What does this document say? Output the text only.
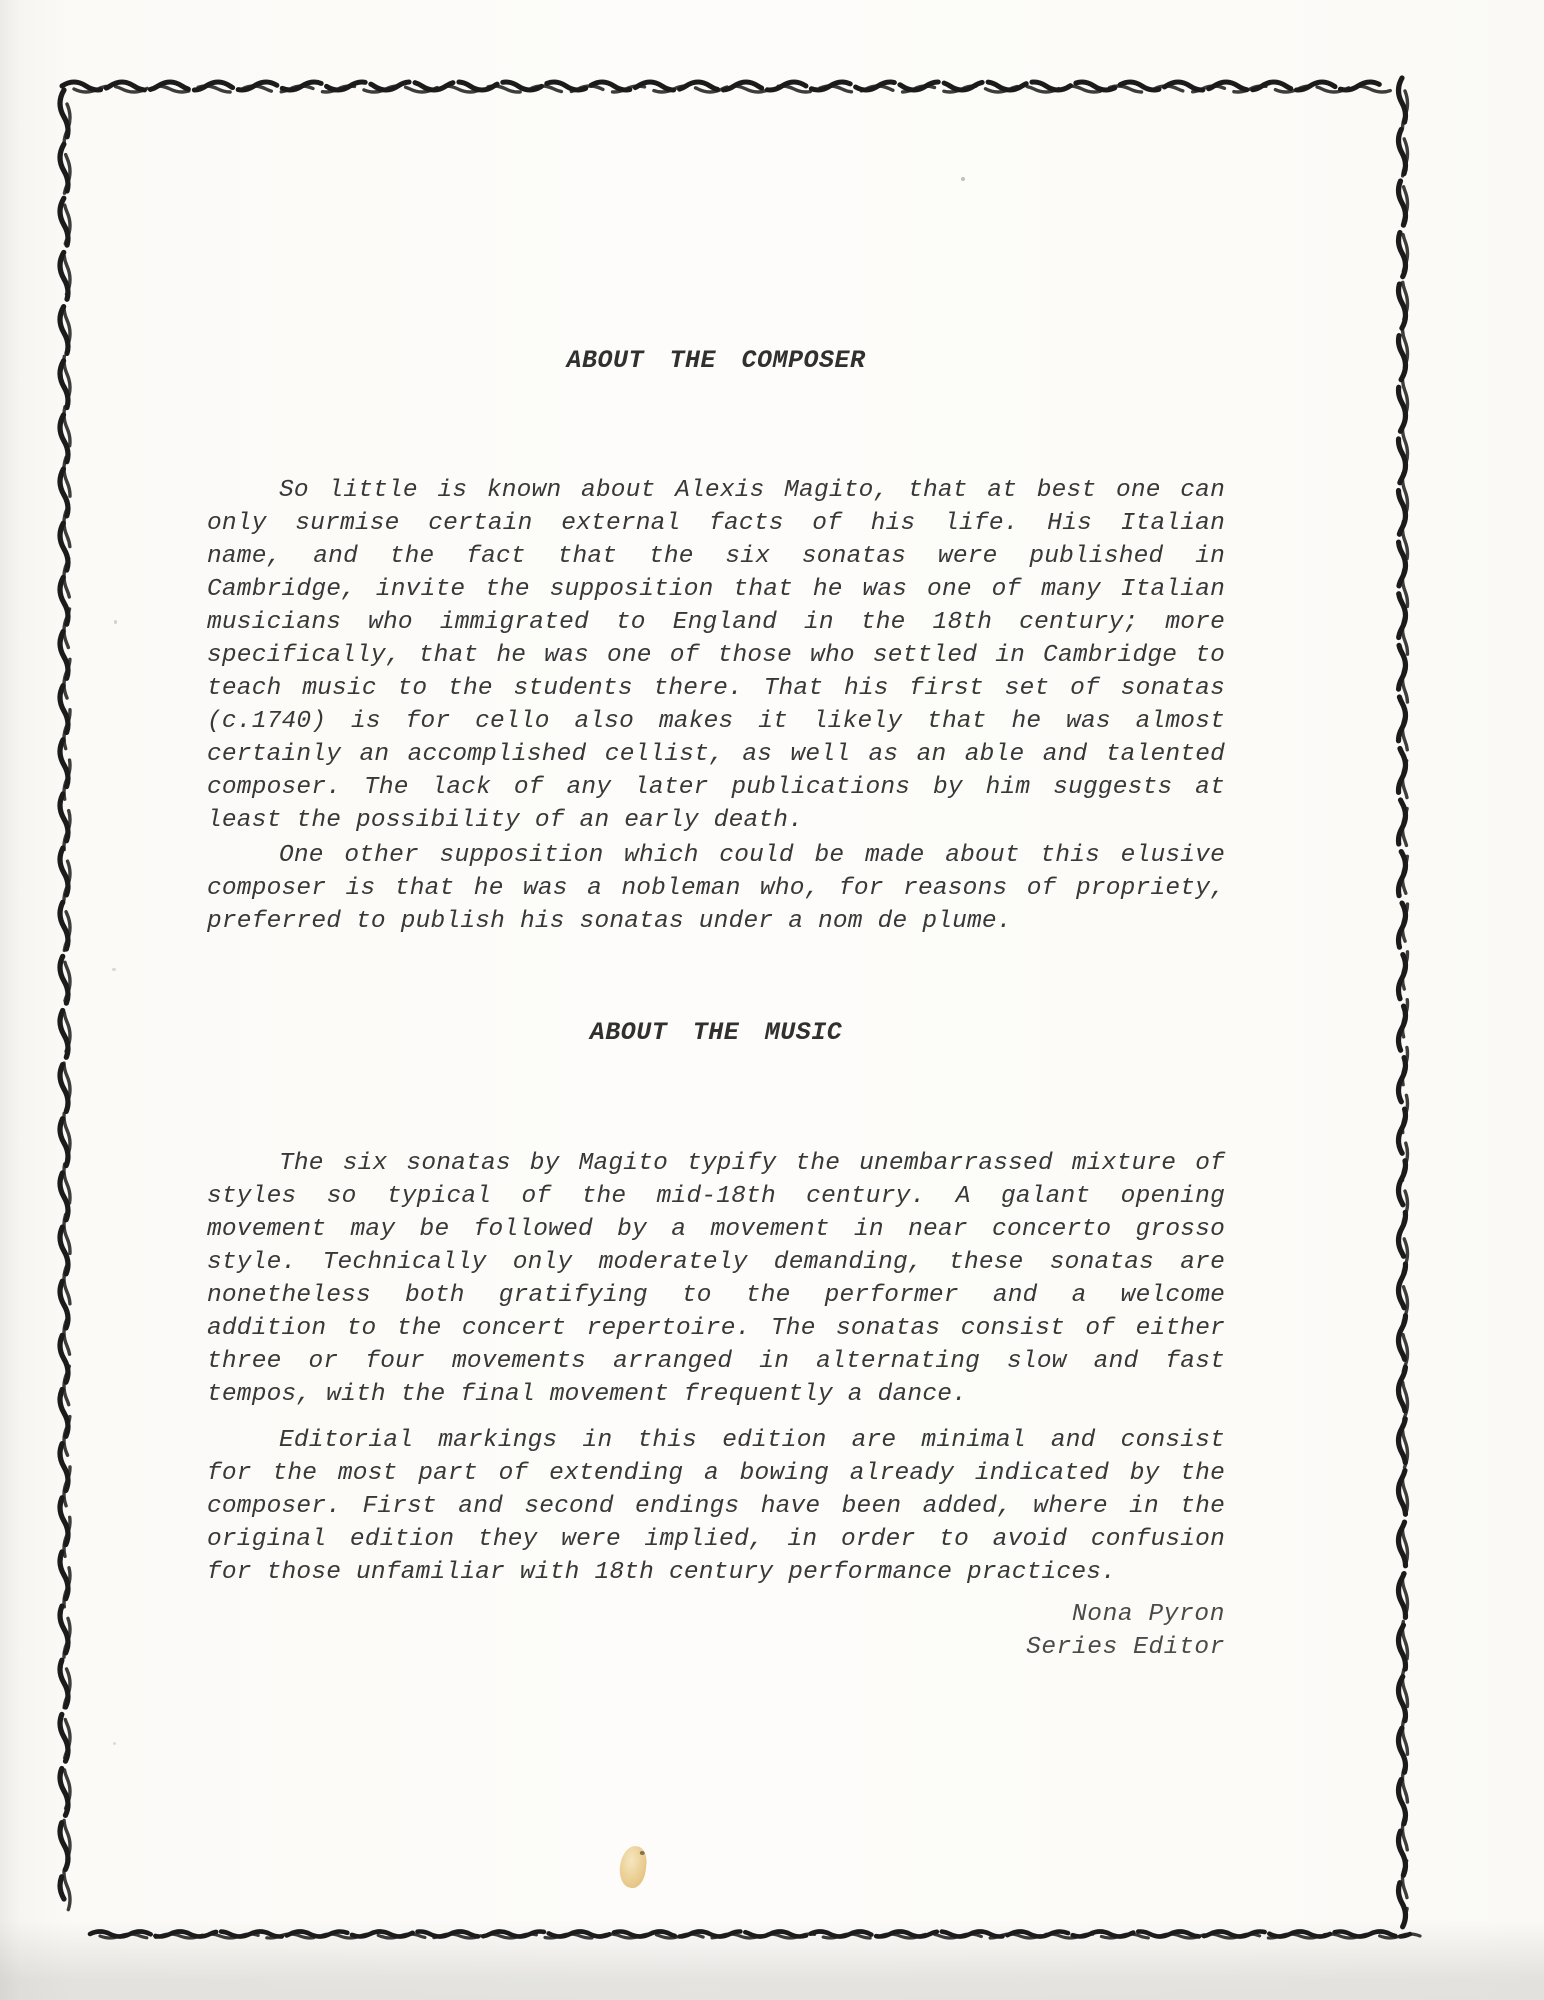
ABOUT THE COMPOSER
So little is known about Alexis Magito, that at best one can
only surmise certain external facts of his life. His Italian
name, and the fact that the six sonatas were published in
Cambridge, invite the supposition that he was one of many Italian
musicians who immigrated to England in the 18th century; more
specifically, that he was one of those who settled in Cambridge to
teach music to the students there. That his first set of sonatas
(c.1740) is for cello also makes it likely that he was almost
certainly an accomplished cellist, as well as an able and talented
composer. The lack of any later publications by him suggests at
least the possibility of an early death.
One other supposition which could be made about this elusive
composer is that he was a nobleman who, for reasons of propriety,
preferred to publish his sonatas under a nom de plume.
ABOUT THE MUSIC
The six sonatas by Magito typify the unembarrassed mixture of
styles so typical of the mid-18th century. A galant opening
movement may be followed by a movement in near concerto grosso
style. Technically only moderately demanding, these sonatas are
nonetheless both gratifying to the performer and a welcome
addition to the concert repertoire. The sonatas consist of either
three or four movements arranged in alternating slow and fast
tempos, with the final movement frequently a dance.
Editorial markings in this edition are minimal and consist
for the most part of extending a bowing already indicated by the
composer. First and second endings have been added, where in the
original edition they were implied, in order to avoid confusion
for those unfamiliar with 18th century performance practices.
Nona Pyron
Series Editor
